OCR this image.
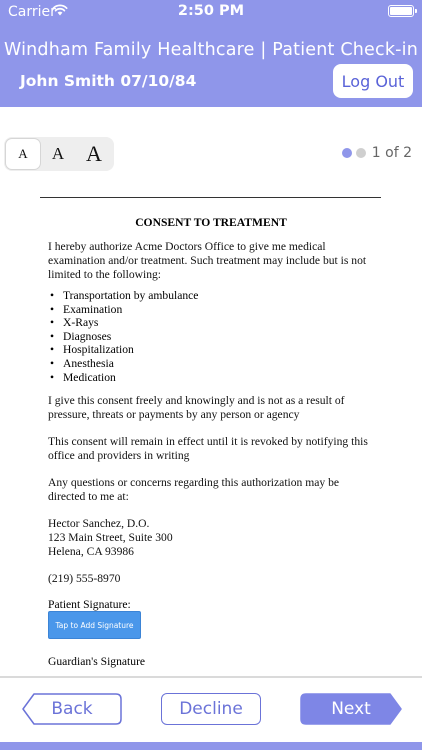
Carrier	2:50 PM
Windham Family Healthcare | Patient Check-in
John Smith 07/10/84	Log Out
A	A A	1 of 2
CONSENT TO TREATMENT
I hereby authorize Acme Doctors Office to give me medical examination and/or treatment. Such treatment may include but is not limited to the following:
• Transportation by ambulance
• Examination
• X-Rays
• Diagnoses
• Hospitalization
• Anesthesia
• Medication
I give this consent freely and knowingly and is not as a result of pressure, threats or payments by any person or agency
This consent will remain in effect until it is revoked by notifying this office and providers in writing
Any questions or concerns regarding this authorization may be directed to me at:
Hector Sanchez, D.O.
123 Main Street, Suite 300
Helena, CA 93986
(219) 555-8970
Patient Signature:
Tap to Add Signature
Guardian's Signature
Back	Decline	Next
